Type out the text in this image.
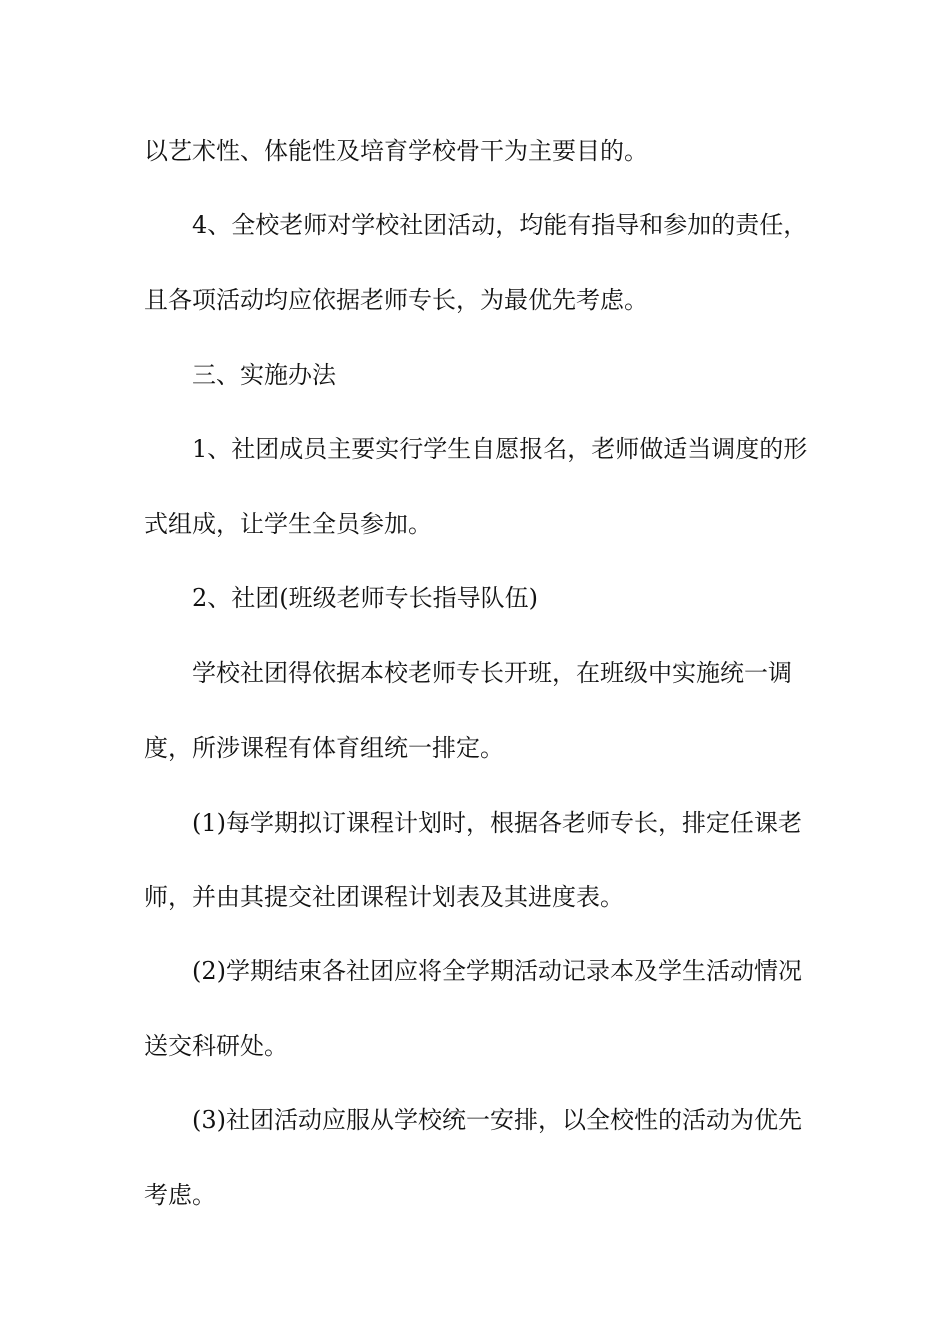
以艺术性、体能性及培育学校骨干为主要目的。
4、全校老师对学校社团活动，均能有指导和参加的责任，
且各项活动均应依据老师专长，为最优先考虑。
三、实施办法
1、社团成员主要实行学生自愿报名，老师做适当调度的形
式组成，让学生全员参加。
2、社团(班级老师专长指导队伍)
学校社团得依据本校老师专长开班，在班级中实施统一调
度，所涉课程有体育组统一排定。
(1)每学期拟订课程计划时，根据各老师专长，排定任课老
师，并由其提交社团课程计划表及其进度表。
(2)学期结束各社团应将全学期活动记录本及学生活动情况
送交科研处。
(3)社团活动应服从学校统一安排，以全校性的活动为优先
考虑。
